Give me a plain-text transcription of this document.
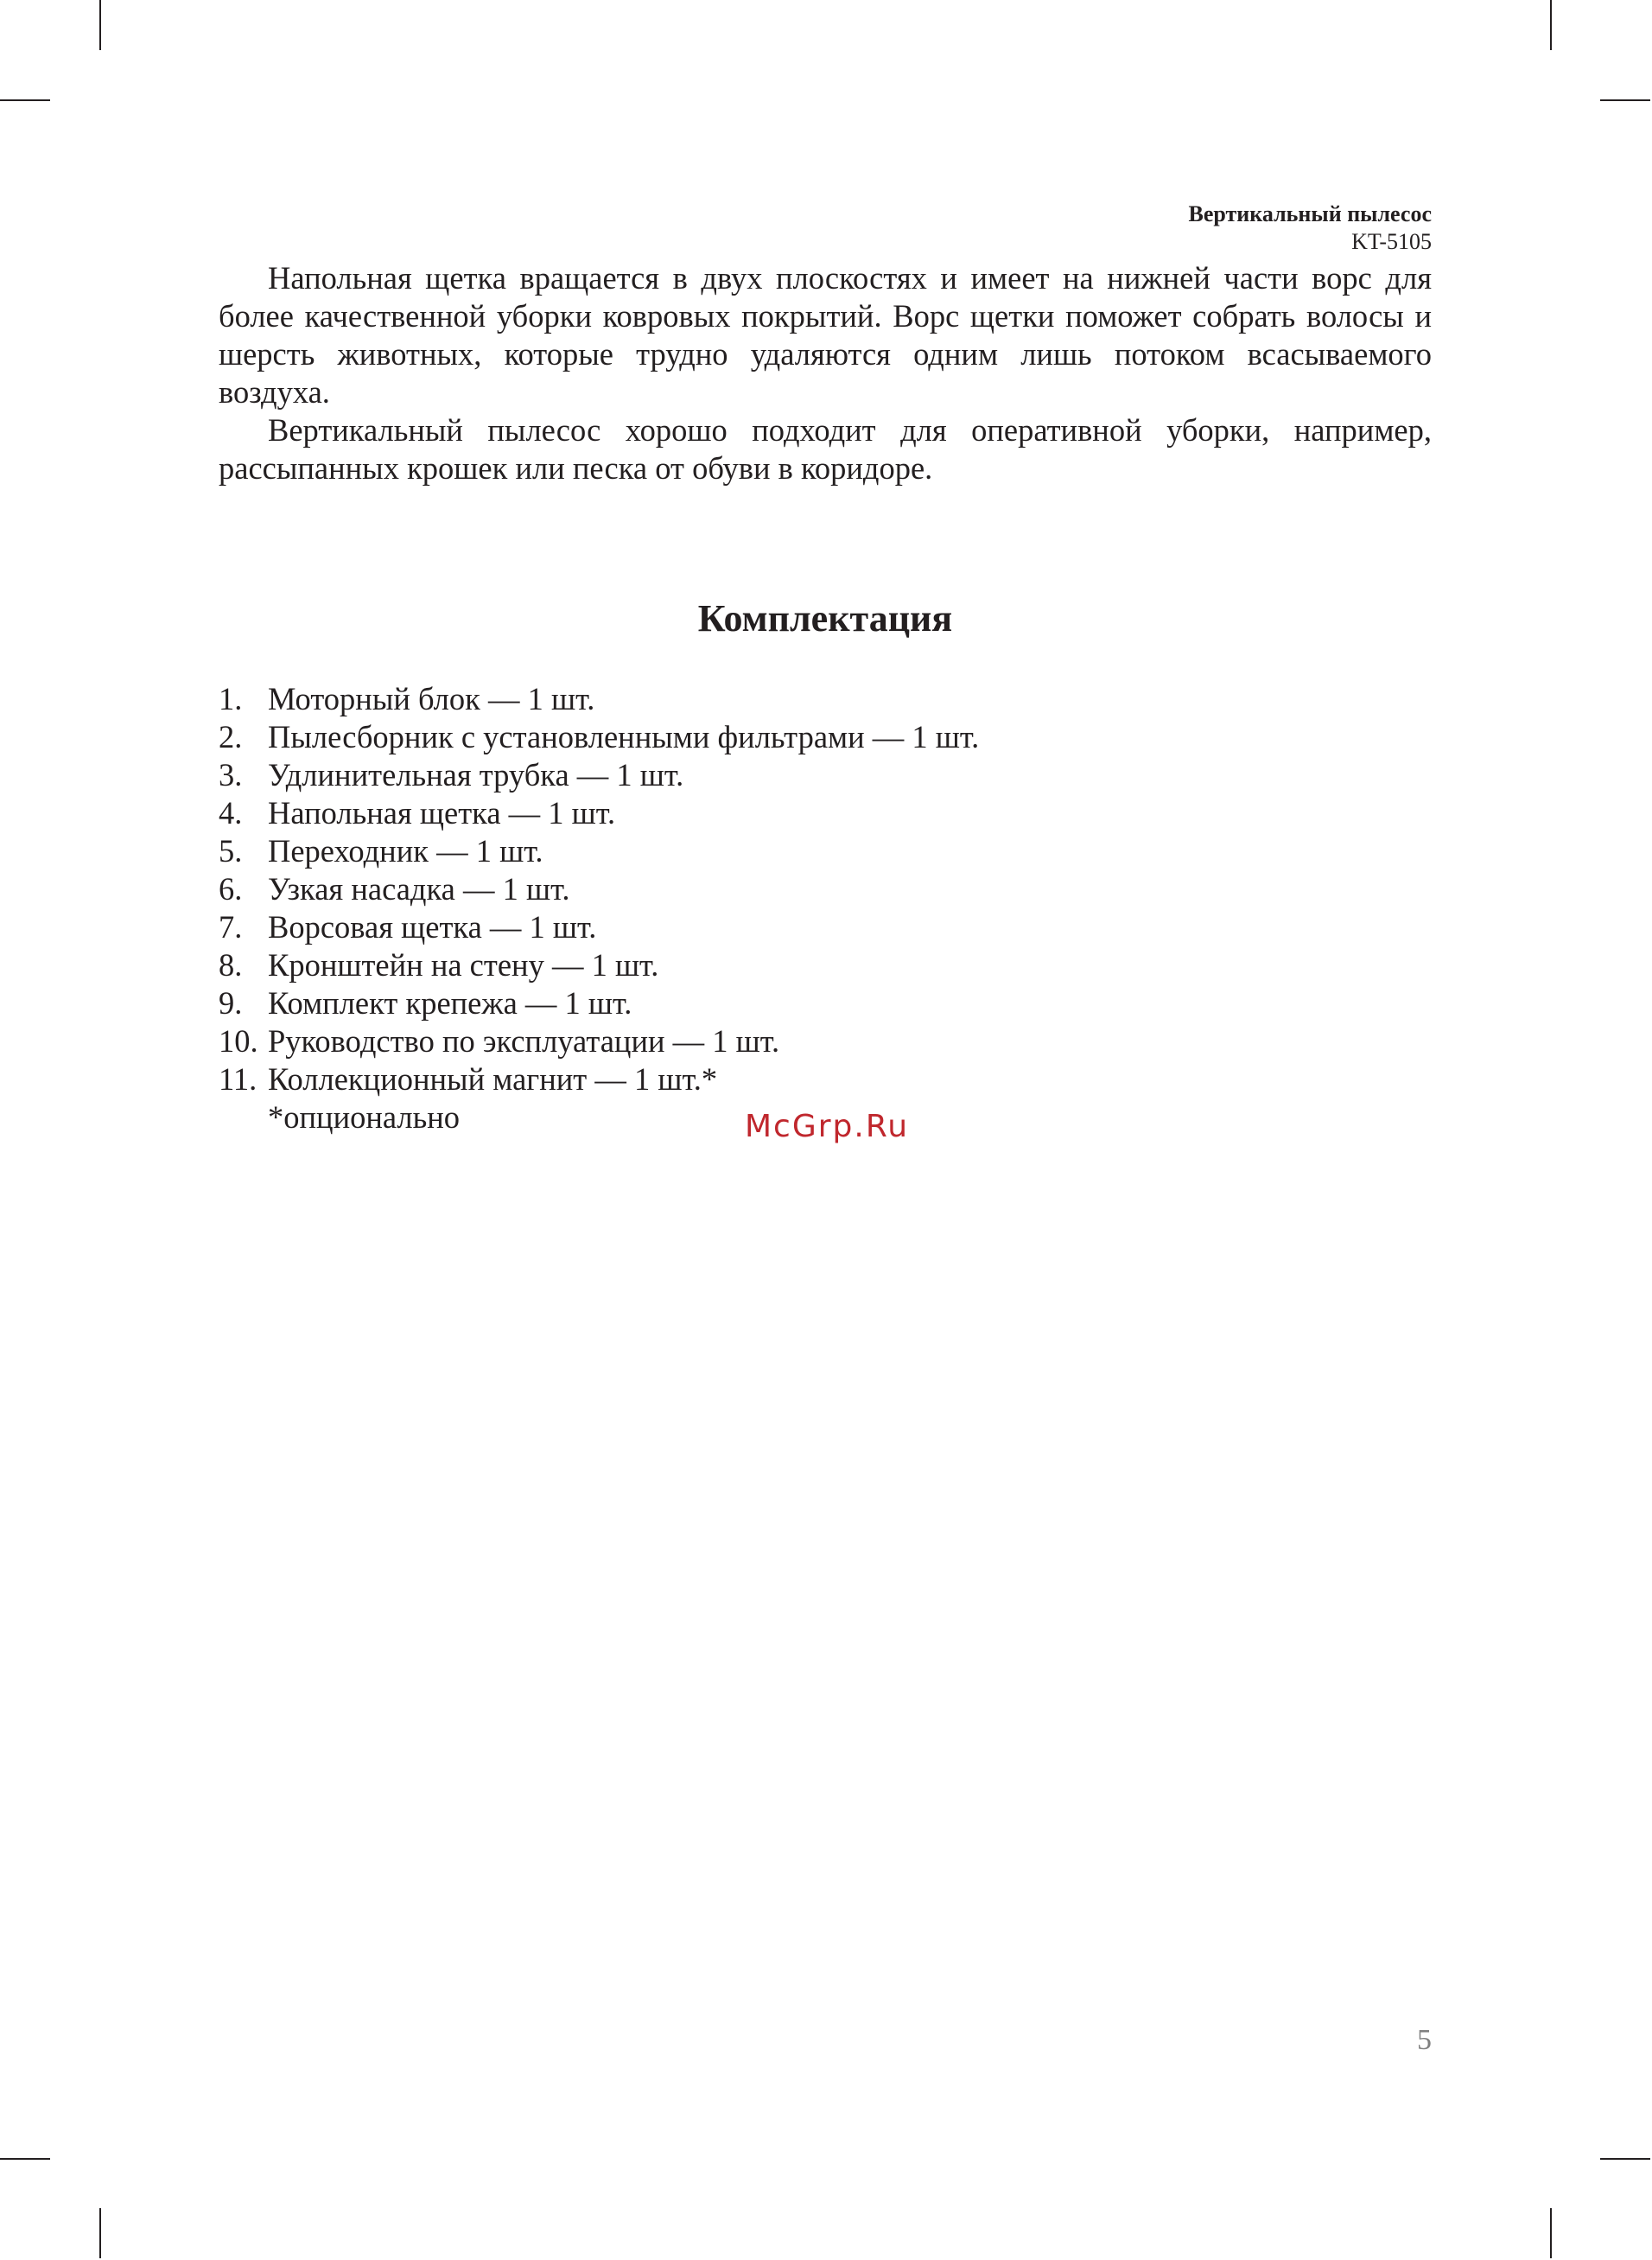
Вертикальный пылесос
KT-5105

Напольная щетка вращается в двух плоскостях и имеет на нижней части ворс для более качественной уборки ковровых покрытий. Ворс щетки поможет собрать волосы и шерсть животных, которые трудно удаляются одним лишь потоком всасываемого воздуха.

Вертикальный пылесос хорошо подходит для оперативной уборки, например, рассыпанных крошек или песка от обуви в коридоре.

Комплектация
1. Моторный блок — 1 шт.
2. Пылесборник с установленными фильтрами — 1 шт.
3. Удлинительная трубка — 1 шт.
4. Напольная щетка — 1 шт.
5. Переходник — 1 шт.
6. Узкая насадка — 1 шт.
7. Ворсовая щетка — 1 шт.
8. Кронштейн на стену — 1 шт.
9. Комплект крепежа — 1 шт.
10. Руководство по эксплуатации — 1 шт.
11. Коллекционный магнит — 1 шт.*
*опционально	McGrp.Ru
5
